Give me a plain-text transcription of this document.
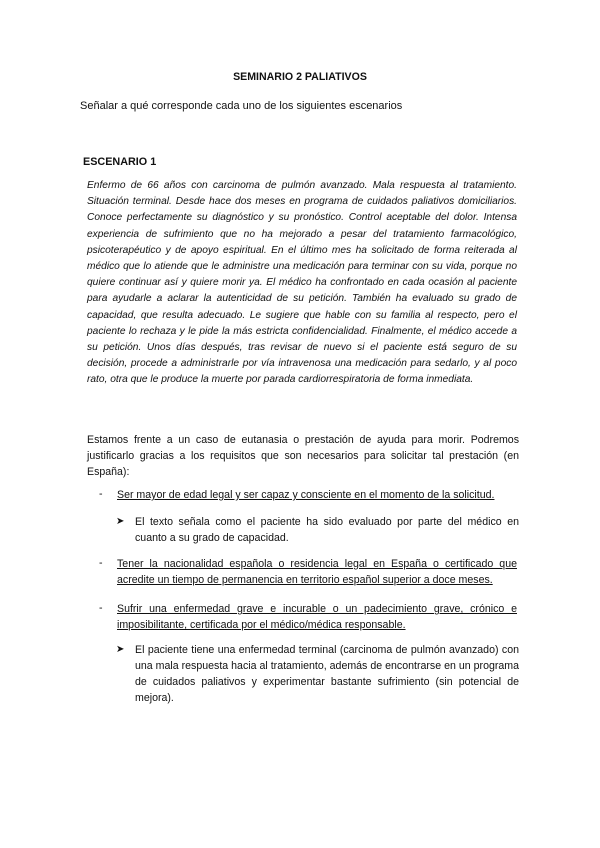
SEMINARIO 2 PALIATIVOS
Señalar a qué corresponde cada uno de los siguientes escenarios
ESCENARIO 1

Enfermo de 66 años con carcinoma de pulmón avanzado. Mala respuesta al tratamiento. Situación terminal. Desde hace dos meses en programa de cuidados paliativos domiciliarios. Conoce perfectamente su diagnóstico y su pronóstico. Control aceptable del dolor. Intensa experiencia de sufrimiento que no ha mejorado a pesar del tratamiento farmacológico, psicoterapéutico y de apoyo espiritual. En el último mes ha solicitado de forma reiterada al médico que lo atiende que le administre una medicación para terminar con su vida, porque no quiere continuar así y quiere morir ya. El médico ha confrontado en cada ocasión al paciente para ayudarle a aclarar la autenticidad de su petición. También ha evaluado su grado de capacidad, que resulta adecuado. Le sugiere que hable con su familia al respecto, pero el paciente lo rechaza y le pide la más estricta confidencialidad. Finalmente, el médico accede a su petición. Unos días después, tras revisar de nuevo si el paciente está seguro de su decisión, procede a administrarle por vía intravenosa una medicación para sedarlo, y al poco rato, otra que le produce la muerte por parada cardiorrespiratoria de forma inmediata.

Estamos frente a un caso de eutanasia o prestación de ayuda para morir. Podremos justificarlo gracias a los requisitos que son necesarios para solicitar tal prestación (en España):

- Ser mayor de edad legal y ser capaz y consciente en el momento de la solicitud.
➤ El texto señala como el paciente ha sido evaluado por parte del médico en cuanto a su grado de capacidad.
- Tener la nacionalidad española o residencia legal en España o certificado que acredite un tiempo de permanencia en territorio español superior a doce meses.
- Sufrir una enfermedad grave e incurable o un padecimiento grave, crónico e imposibilitante, certificada por el médico/médica responsable.
➤ El paciente tiene una enfermedad terminal (carcinoma de pulmón avanzado) con una mala respuesta hacia al tratamiento, además de encontrarse en un programa de cuidados paliativos y experimentar bastante sufrimiento (sin potencial de mejora).
